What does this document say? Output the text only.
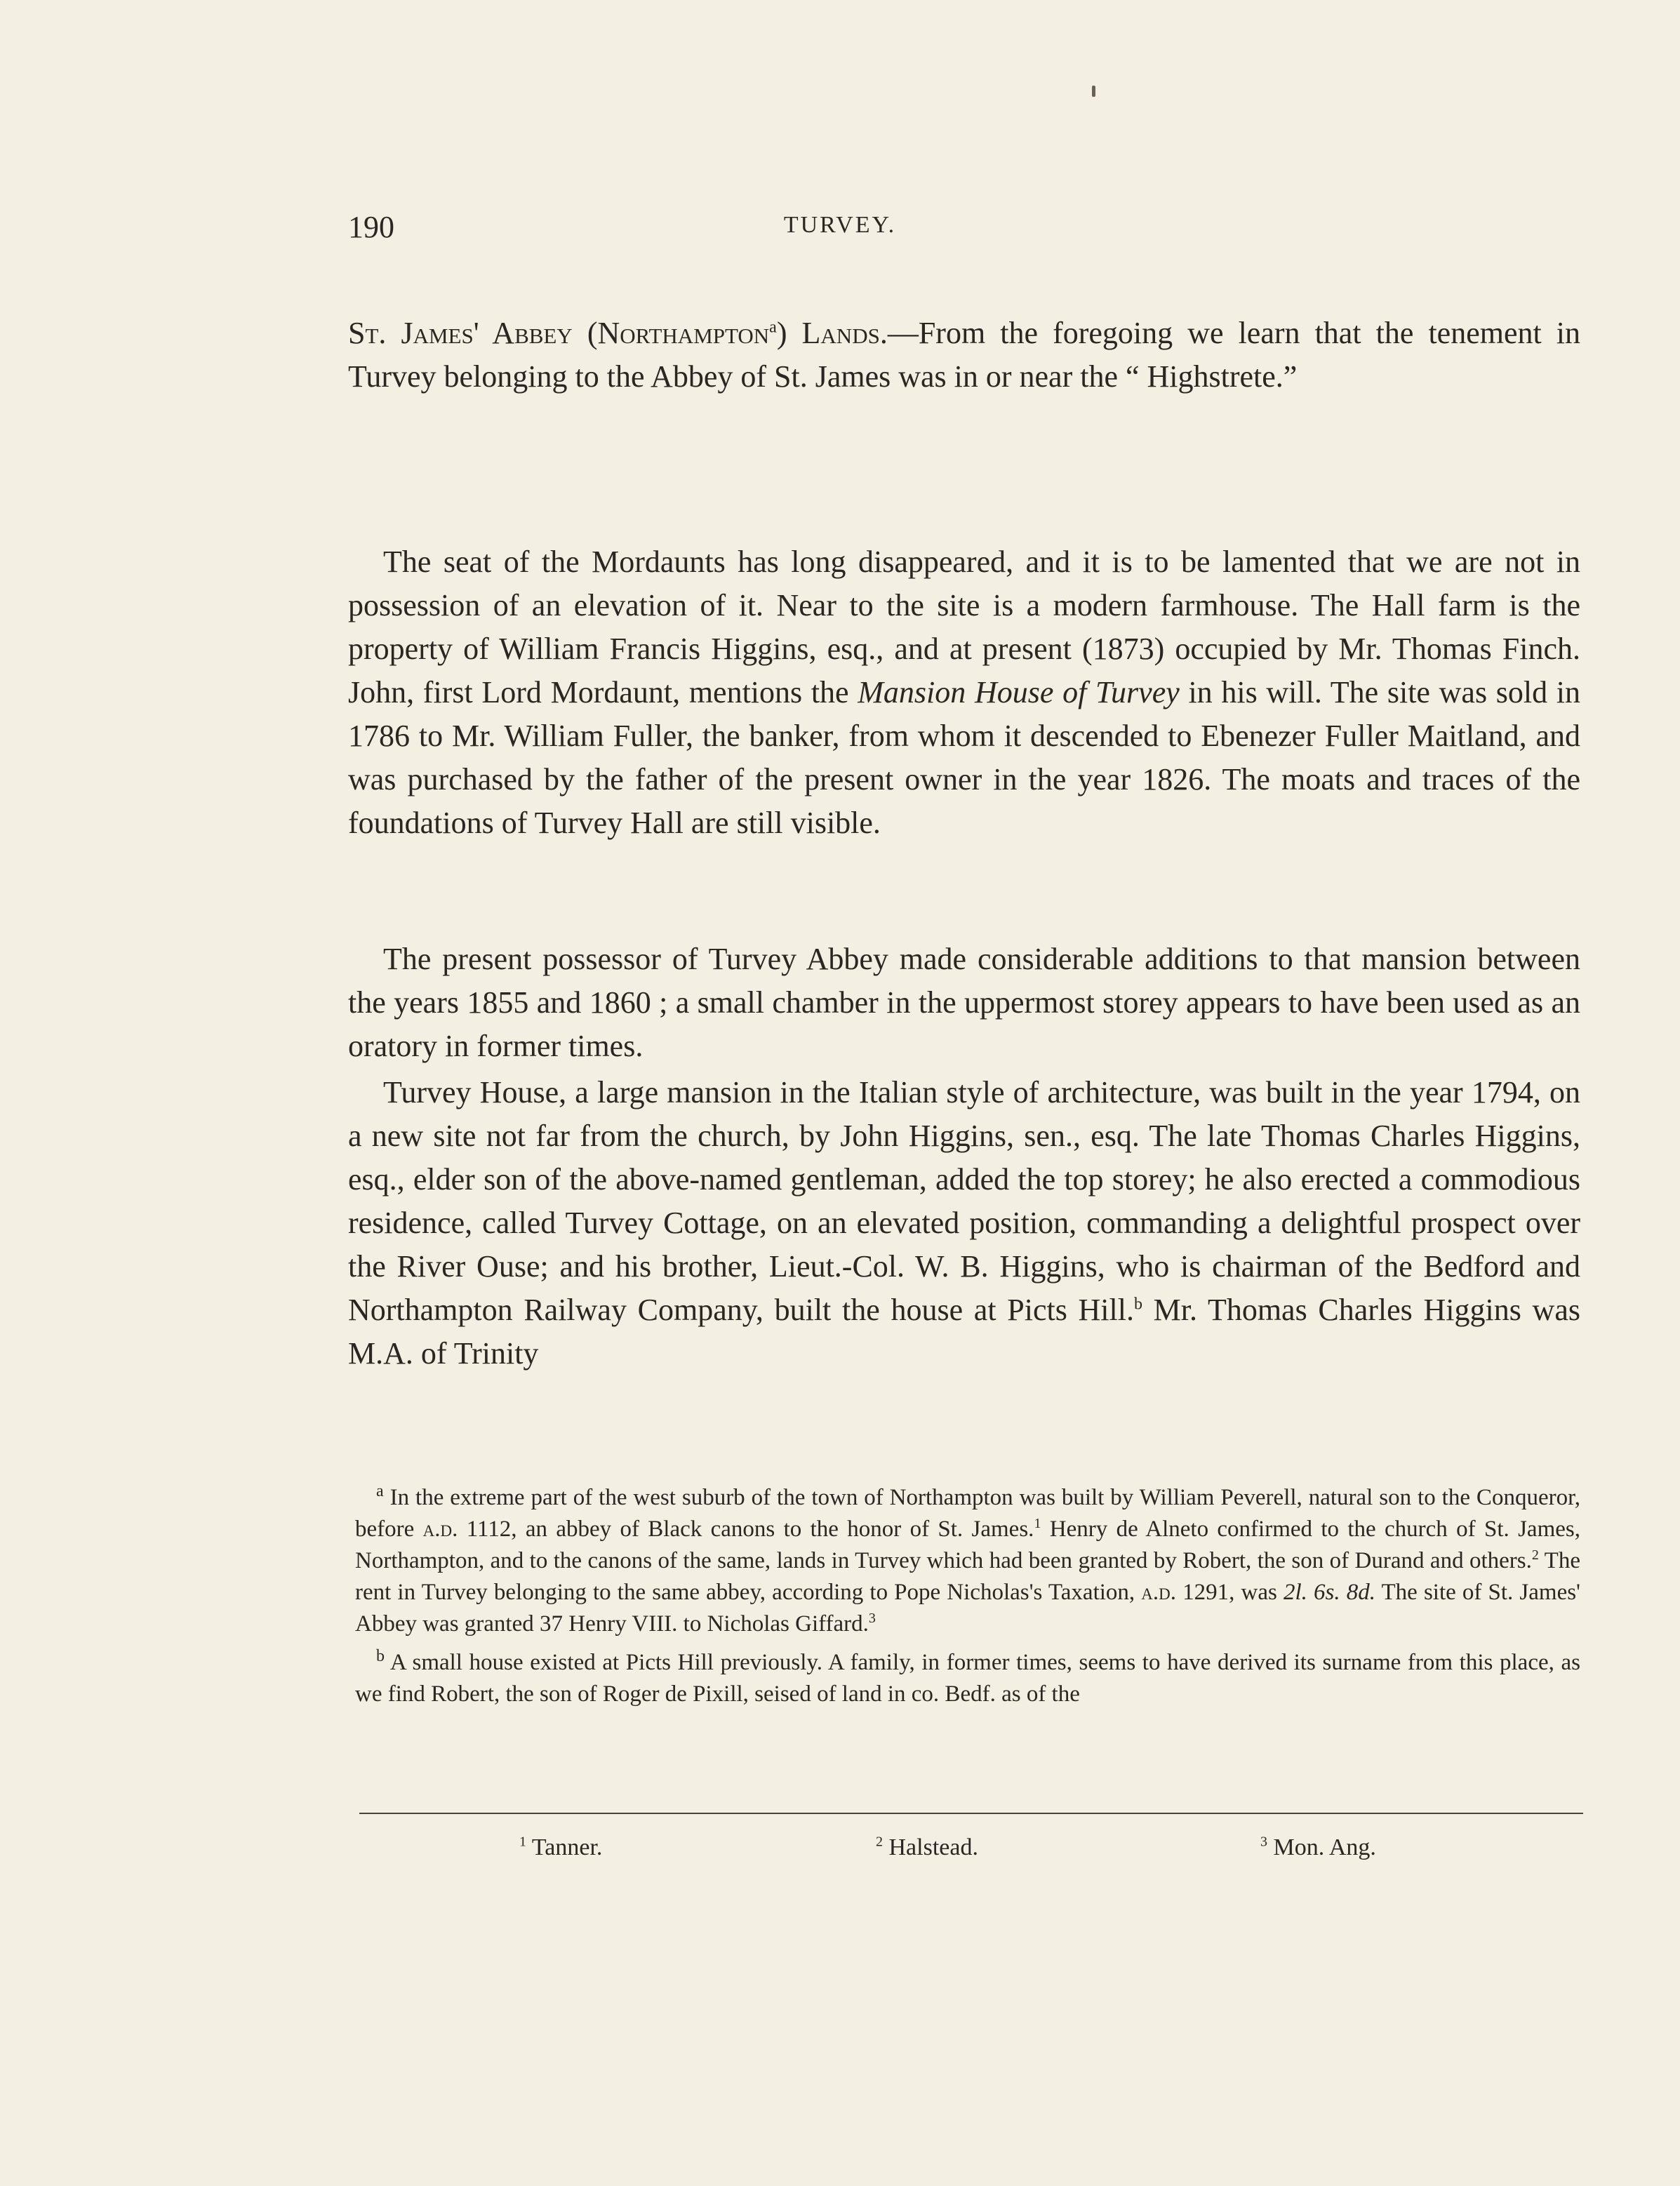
190	TURVEY.

St. James' Abbey (Northampton$^a$) Lands.—From the foregoing we learn that the tenement in Turvey belonging to the Abbey of St. James was in or near the “ Highstrete.”

The seat of the Mordaunts has long disappeared, and it is to be lamented that we are not in possession of an elevation of it. Near to the site is a modern farmhouse. The Hall farm is the property of William Francis Higgins, esq., and at present (1873) occupied by Mr. Thomas Finch. John, first Lord Mordaunt, mentions the Mansion House of Turvey in his will. The site was sold in 1786 to Mr. William Fuller, the banker, from whom it descended to Ebenezer Fuller Maitland, and was purchased by the father of the present owner in the year 1826. The moats and traces of the foundations of Turvey Hall are still visible.

The present possessor of Turvey Abbey made considerable additions to that mansion between the years 1855 and 1860 ; a small chamber in the uppermost storey appears to have been used as an oratory in former times.

Turvey House, a large mansion in the Italian style of architecture, was built in the year 1794, on a new site not far from the church, by John Higgins, sen., esq. The late Thomas Charles Higgins, esq., elder son of the above-named gentleman, added the top storey; he also erected a commodious residence, called Turvey Cottage, on an elevated position, commanding a delightful prospect over the River Ouse; and his brother, Lieut.-Col. W. B. Higgins, who is chairman of the Bedford and Northampton Railway Company, built the house at Picts Hill.$^b$ Mr. Thomas Charles Higgins was M.A. of Trinity

$^a$ In the extreme part of the west suburb of the town of Northampton was built by William Peverell, natural son to the Conqueror, before a.d. 1112, an abbey of Black canons to the honor of St. James.$^1$ Henry de Alneto confirmed to the church of St. James, Northampton, and to the canons of the same, lands in Turvey which had been granted by Robert, the son of Durand and others.$^2$ The rent in Turvey belonging to the same abbey, according to Pope Nicholas's Taxation, a.d. 1291, was 2l. 6s. 8d. The site of St. James' Abbey was granted 37 Henry VIII. to Nicholas Giffard.$^3$

$^b$ A small house existed at Picts Hill previously. A family, in former times, seems to have derived its surname from this place, as we find Robert, the son of Roger de Pixill, seised of land in co. Bedf. as of the

$^1$ Tanner.	$^2$ Halstead.	$^3$ Mon. Ang.
